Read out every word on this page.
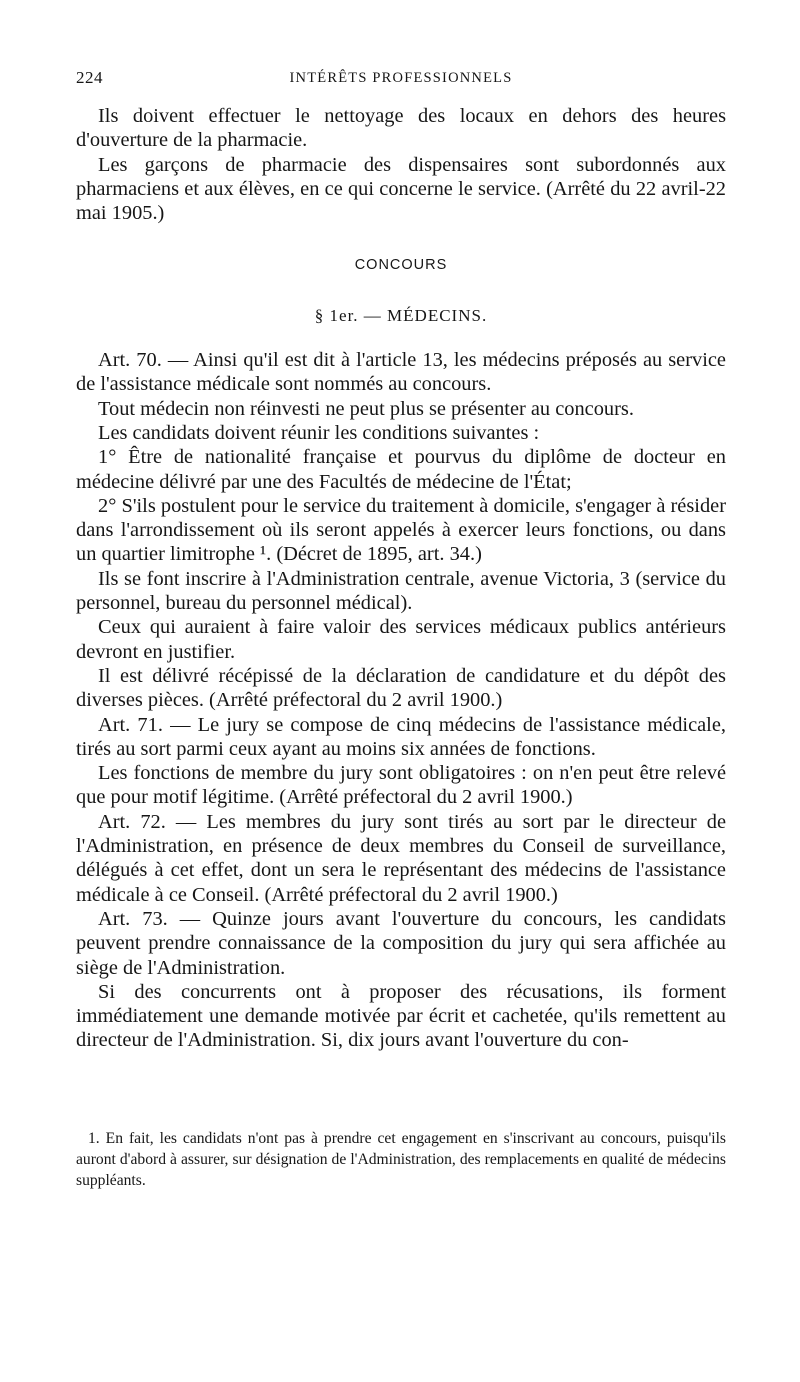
224	INTÉRÊTS PROFESSIONNELS

Ils doivent effectuer le nettoyage des locaux en dehors des heures d'ouverture de la pharmacie.

Les garçons de pharmacie des dispensaires sont subordonnés aux pharmaciens et aux élèves, en ce qui concerne le service. (Arrêté du 22 avril-22 mai 1905.)

CONCOURS
§ 1er. — MÉDECINS.

Art. 70. — Ainsi qu'il est dit à l'article 13, les médecins préposés au service de l'assistance médicale sont nommés au concours.

Tout médecin non réinvesti ne peut plus se présenter au concours.

Les candidats doivent réunir les conditions suivantes :

1° Être de nationalité française et pourvus du diplôme de docteur en médecine délivré par une des Facultés de médecine de l'État;

2° S'ils postulent pour le service du traitement à domicile, s'engager à résider dans l'arrondissement où ils seront appelés à exercer leurs fonctions, ou dans un quartier limitrophe ¹. (Décret de 1895, art. 34.)

Ils se font inscrire à l'Administration centrale, avenue Victoria, 3 (service du personnel, bureau du personnel médical).

Ceux qui auraient à faire valoir des services médicaux publics antérieurs devront en justifier.

Il est délivré récépissé de la déclaration de candidature et du dépôt des diverses pièces. (Arrêté préfectoral du 2 avril 1900.)

Art. 71. — Le jury se compose de cinq médecins de l'assistance médicale, tirés au sort parmi ceux ayant au moins six années de fonctions.

Les fonctions de membre du jury sont obligatoires : on n'en peut être relevé que pour motif légitime. (Arrêté préfectoral du 2 avril 1900.)

Art. 72. — Les membres du jury sont tirés au sort par le directeur de l'Administration, en présence de deux membres du Conseil de surveillance, délégués à cet effet, dont un sera le représentant des médecins de l'assistance médicale à ce Conseil. (Arrêté préfectoral du 2 avril 1900.)

Art. 73. — Quinze jours avant l'ouverture du concours, les candidats peuvent prendre connaissance de la composition du jury qui sera affichée au siège de l'Administration.

Si des concurrents ont à proposer des récusations, ils forment immédiatement une demande motivée par écrit et cachetée, qu'ils remettent au directeur de l'Administration. Si, dix jours avant l'ouverture du con-

1. En fait, les candidats n'ont pas à prendre cet engagement en s'inscrivant au concours, puisqu'ils auront d'abord à assurer, sur désignation de l'Administration, des remplacements en qualité de médecins suppléants.
